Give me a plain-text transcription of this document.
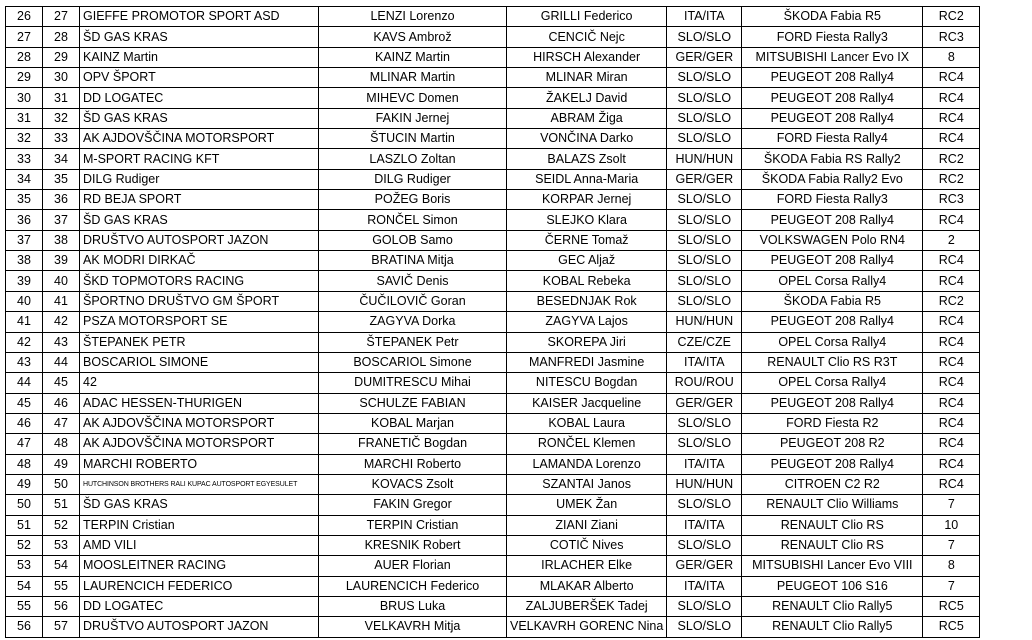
26	27	GIEFFE PROMOTOR SPORT ASD	LENZI Lorenzo	GRILLI Federico	ITA/ITA	ŠKODA Fabia R5	RC2
27	28	ŠD GAS KRAS	KAVS Ambrož	CENCIČ Nejc	SLO/SLO	FORD Fiesta Rally3	RC3
28	29	KAINZ Martin	KAINZ Martin	HIRSCH Alexander	GER/GER	MITSUBISHI Lancer Evo IX	8
29	30	OPV ŠPORT	MLINAR Martin	MLINAR Miran	SLO/SLO	PEUGEOT 208 Rally4	RC4
30	31	DD LOGATEC	MIHEVC Domen	ŽAKELJ David	SLO/SLO	PEUGEOT 208 Rally4	RC4
31	32	ŠD GAS KRAS	FAKIN Jernej	ABRAM Žiga	SLO/SLO	PEUGEOT 208 Rally4	RC4
32	33	AK AJDOVŠČINA MOTORSPORT	ŠTUCIN Martin	VONČINA Darko	SLO/SLO	FORD Fiesta Rally4	RC4
33	34	M-SPORT RACING KFT	LASZLO Zoltan	BALAZS Zsolt	HUN/HUN	ŠKODA Fabia RS Rally2	RC2
34	35	DILG Rudiger	DILG Rudiger	SEIDL Anna-Maria	GER/GER	ŠKODA Fabia Rally2 Evo	RC2
35	36	RD BEJA SPORT	POŽEG Boris	KORPAR Jernej	SLO/SLO	FORD Fiesta Rally3	RC3
36	37	ŠD GAS KRAS	RONČEL Simon	SLEJKO Klara	SLO/SLO	PEUGEOT 208 Rally4	RC4
37	38	DRUŠTVO AUTOSPORT JAZON	GOLOB Samo	ČERNE Tomaž	SLO/SLO	VOLKSWAGEN Polo RN4	2
38	39	AK MODRI DIRKAČ	BRATINA Mitja	GEC Aljaž	SLO/SLO	PEUGEOT 208 Rally4	RC4
39	40	ŠKD TOPMOTORS RACING	SAVIČ Denis	KOBAL Rebeka	SLO/SLO	OPEL Corsa Rally4	RC4
40	41	ŠPORTNO DRUŠTVO GM ŠPORT	ČUČILOVIČ Goran	BESEDNJAK Rok	SLO/SLO	ŠKODA Fabia R5	RC2
41	42	PSZA MOTORSPORT SE	ZAGYVA Dorka	ZAGYVA Lajos	HUN/HUN	PEUGEOT 208 Rally4	RC4
42	43	ŠTEPANEK PETR	ŠTEPANEK Petr	SKOREPA Jiri	CZE/CZE	OPEL Corsa Rally4	RC4
43	44	BOSCARIOL SIMONE	BOSCARIOL Simone	MANFREDI Jasmine	ITA/ITA	RENAULT Clio RS R3T	RC4
44	45	42	DUMITRESCU Mihai	NITESCU Bogdan	ROU/ROU	OPEL Corsa Rally4	RC4
45	46	ADAC HESSEN-THURIGEN	SCHULZE FABIAN	KAISER Jacqueline	GER/GER	PEUGEOT 208 Rally4	RC4
46	47	AK AJDOVŠČINA MOTORSPORT	KOBAL Marjan	KOBAL Laura	SLO/SLO	FORD Fiesta R2	RC4
47	48	AK AJDOVŠČINA MOTORSPORT	FRANETIČ Bogdan	RONČEL Klemen	SLO/SLO	PEUGEOT 208 R2	RC4
48	49	MARCHI ROBERTO	MARCHI Roberto	LAMANDA Lorenzo	ITA/ITA	PEUGEOT 208 Rally4	RC4
49	50	HUTCHINSON BROTHERS RALI KUPAC AUTOSPORT EGYESULET	KOVACS Zsolt	SZANTAI Janos	HUN/HUN	CITROEN C2 R2	RC4
50	51	ŠD GAS KRAS	FAKIN Gregor	UMEK Žan	SLO/SLO	RENAULT Clio Williams	7
51	52	TERPIN Cristian	TERPIN Cristian	ZIANI Ziani	ITA/ITA	RENAULT Clio RS	10
52	53	AMD VILI	KRESNIK Robert	COTIČ Nives	SLO/SLO	RENAULT Clio RS	7
53	54	MOOSLEITNER RACING	AUER Florian	IRLACHER Elke	GER/GER	MITSUBISHI Lancer Evo VIII	8
54	55	LAURENCICH FEDERICO	LAURENCICH Federico	MLAKAR Alberto	ITA/ITA	PEUGEOT 106 S16	7
55	56	DD LOGATEC	BRUS Luka	ZALJUBERŠEK Tadej	SLO/SLO	RENAULT Clio Rally5	RC5
56	57	DRUŠTVO AUTOSPORT JAZON	VELKAVRH Mitja	VELKAVRH GORENC Nina	SLO/SLO	RENAULT Clio Rally5	RC5
